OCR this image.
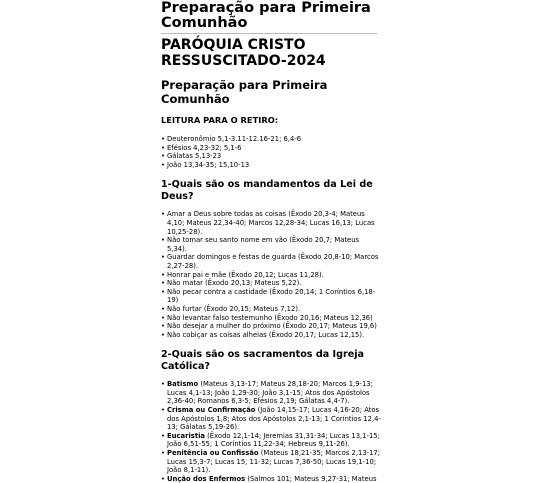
Preparação para Primeira Comunhão
PARÓQUIA CRISTO RESSUSCITADO-2024
Preparação para Primeira Comunhão
LEITURA PARA O RETIRO:
• Deuteronômio 5,1-3.11-12.16-21; 6,4-6
• Efésios 4,23-32; 5,1-6
• Gálatas 5,13-23
• João 13,34-35; 15,10-13
1-Quais são os mandamentos da Lei de Deus?
• Amar a Deus sobre todas as coisas (Êxodo 20,3-4; Mateus 4,10; Mateus 22,34-40; Marcos 12,28-34; Lucas 16,13; Lucas 10,25-28).
• Não tomar seu santo nome em vão (Êxodo 20,7; Mateus 5,34).
• Guardar domingos e festas de guarda (Êxodo 20,8-10; Marcos 2,27-28).
• Honrar pai e mãe (Êxodo 20,12; Lucas 11,28).
• Não matar (Êxodo 20,13; Mateus 5,22).
• Não pecar contra a castidade (Êxodo 20,14; 1 Coríntios 6,18-19)
• Não furtar (Êxodo 20,15; Mateus 7,12).
• Não levantar falso testemunho (Êxodo 20,16; Mateus 12,36)
• Não desejar a mulher do próximo (Êxodo 20,17; Mateus 19,6)
• Não cobiçar as coisas alheias (Êxodo 20,17; Lucas 12,15).
2-Quais são os sacramentos da Igreja Católica?
• Batismo (Mateus 3,13-17; Mateus 28,18-20; Marcos 1,9-13; Lucas 4,1-13; João 1,29-30; João 3,1-15; Atos dos Apóstolos 2,36-40; Romanos 6,3-5; Efésios 2,19; Gálatas 4,4-7).
• Crisma ou Confirmação (João 14,15-17; Lucas 4,16-20; Atos dos Apóstolos 1,8; Atos dos Apóstolos 2,1-13; 1 Coríntios 12,4-13; Gálatas 5,19-26).
• Eucaristia (Êxodo 12,1-14; Jeremias 31,31-34; Lucas 13,1-15; João 6,51-55; 1 Coríntios 11,22-34; Hebreus 9,11-26).
• Penitência ou Confissão (Mateus 18,21-35; Marcos 2,13-17; Lucas 15,3-7; Lucas 15, 11-32; Lucas 7,36-50; Lucas 19,1-10; João 8,1-11).
• Unção dos Enfermos (Salmos 101; Mateus 9,27-31; Mateus
